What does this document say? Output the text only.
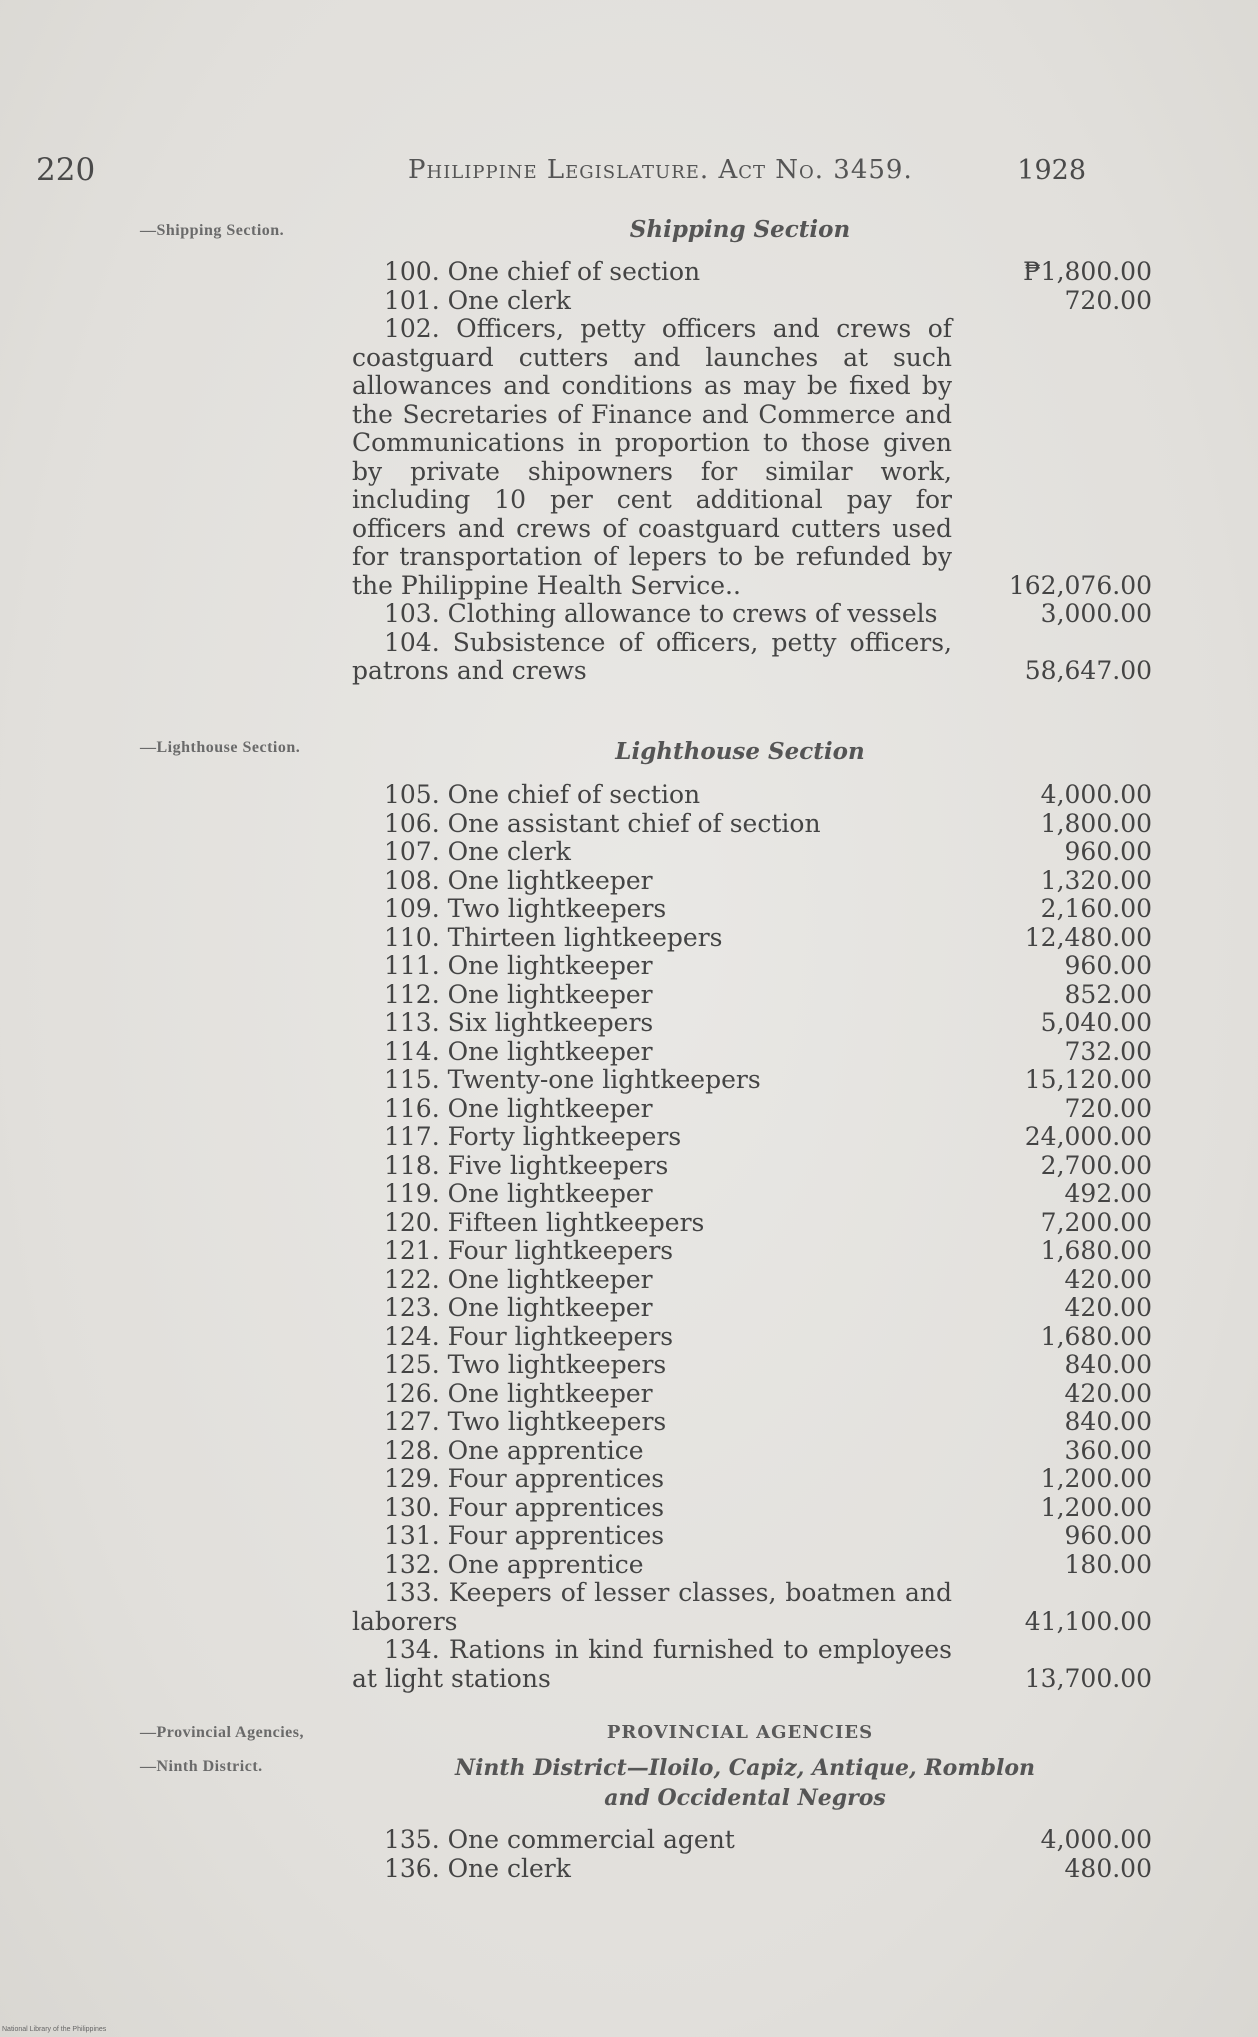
220	Philippine Legislature. Act No. 3459.	1928
—Shipping Section.	Shipping Section
100. One chief of section	₱1,800.00
101. One clerk	720.00
102. Officers, petty officers and crews of coastguard cutters and launches at such allowances and conditions as may be fixed by the Secretaries of Finance and Commerce and Communications in proportion to those given by private shipowners for similar work, including 10 per cent additional pay for officers and crews of coastguard cutters used for transportation of lepers to be refunded by the Philippine Health Service..	162,076.00
103. Clothing allowance to crews of vessels	3,000.00
104. Subsistence of officers, petty officers, patrons and crews	58,647.00
—Lighthouse Section.	Lighthouse Section
105. One chief of section	4,000.00
106. One assistant chief of section	1,800.00
107. One clerk	960.00
108. One lightkeeper	1,320.00
109. Two lightkeepers	2,160.00
110. Thirteen lightkeepers	12,480.00
111. One lightkeeper	960.00
112. One lightkeeper	852.00
113. Six lightkeepers	5,040.00
114. One lightkeeper	732.00
115. Twenty-one lightkeepers	15,120.00
116. One lightkeeper	720.00
117. Forty lightkeepers	24,000.00
118. Five lightkeepers	2,700.00
119. One lightkeeper	492.00
120. Fifteen lightkeepers	7,200.00
121. Four lightkeepers	1,680.00
122. One lightkeeper	420.00
123. One lightkeeper	420.00
124. Four lightkeepers	1,680.00
125. Two lightkeepers	840.00
126. One lightkeeper	420.00
127. Two lightkeepers	840.00
128. One apprentice	360.00
129. Four apprentices	1,200.00
130. Four apprentices	1,200.00
131. Four apprentices	960.00
132. One apprentice	180.00
133. Keepers of lesser classes, boatmen and laborers	41,100.00
134. Rations in kind furnished to employees at light stations	13,700.00
—Provincial Agencies,
—Ninth District.
PROVINCIAL AGENCIES
Ninth District—Iloilo, Capiz, Antique, Romblon and Occidental Negros
135. One commercial agent	4,000.00
136. One clerk	480.00
National Library of the Philippines
